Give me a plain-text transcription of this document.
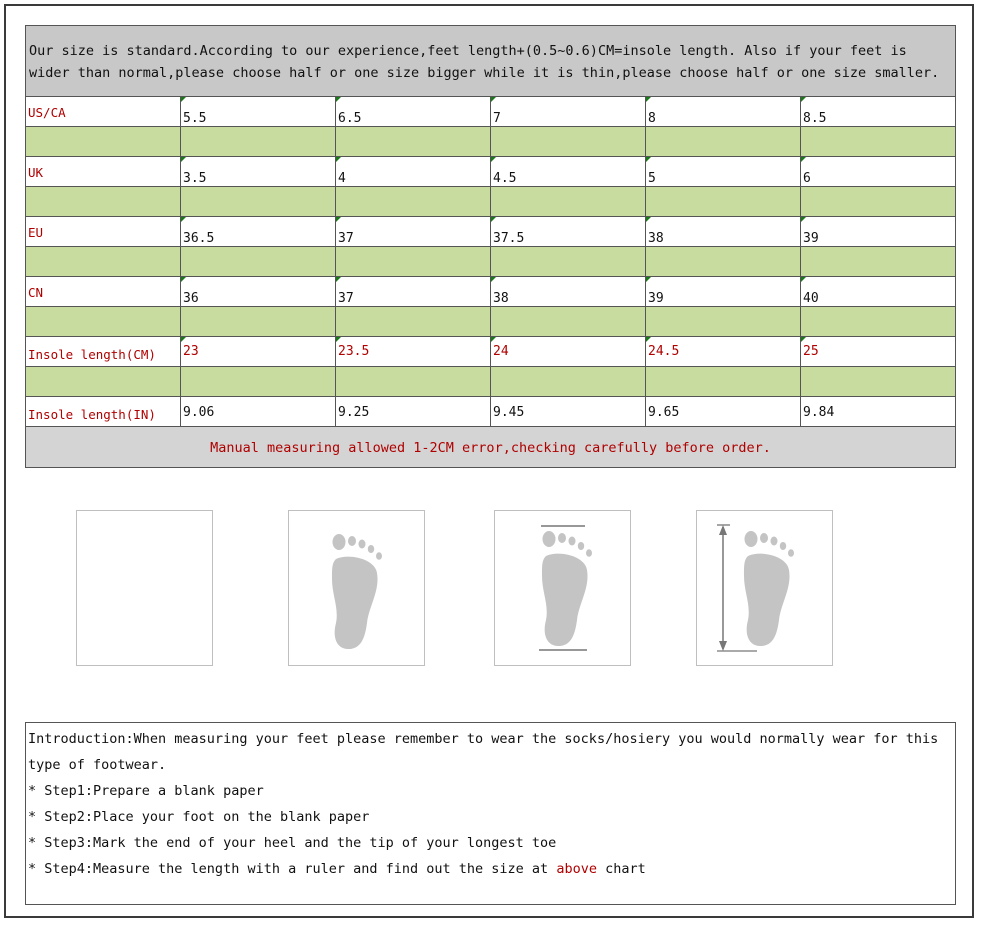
Our size is standard.According to our experience,feet length+(0.5~0.6)CM=insole length. Also if your feet is wider than normal,please choose half or one size bigger while it is thin,please choose half or one size smaller.
US/CA	5.5	6.5	7	8	8.5
UK	3.5	4	4.5	5	6
EU	36.5	37	37.5	38	39
CN	36	37	38	39	40
Insole length(CM)	23	23.5	24	24.5	25
Insole length(IN)	9.06	9.25	9.45	9.65	9.84
Manual measuring allowed 1-2CM error,checking carefully before order.

Introduction:When measuring your feet please remember to wear the socks/hosiery you would normally wear for this

type of footwear.

* Step1:Prepare a blank paper

* Step2:Place your foot on the blank paper

* Step3:Mark the end of your heel and the tip of your longest toe

* Step4:Measure the length with a ruler and find out the size at above chart
